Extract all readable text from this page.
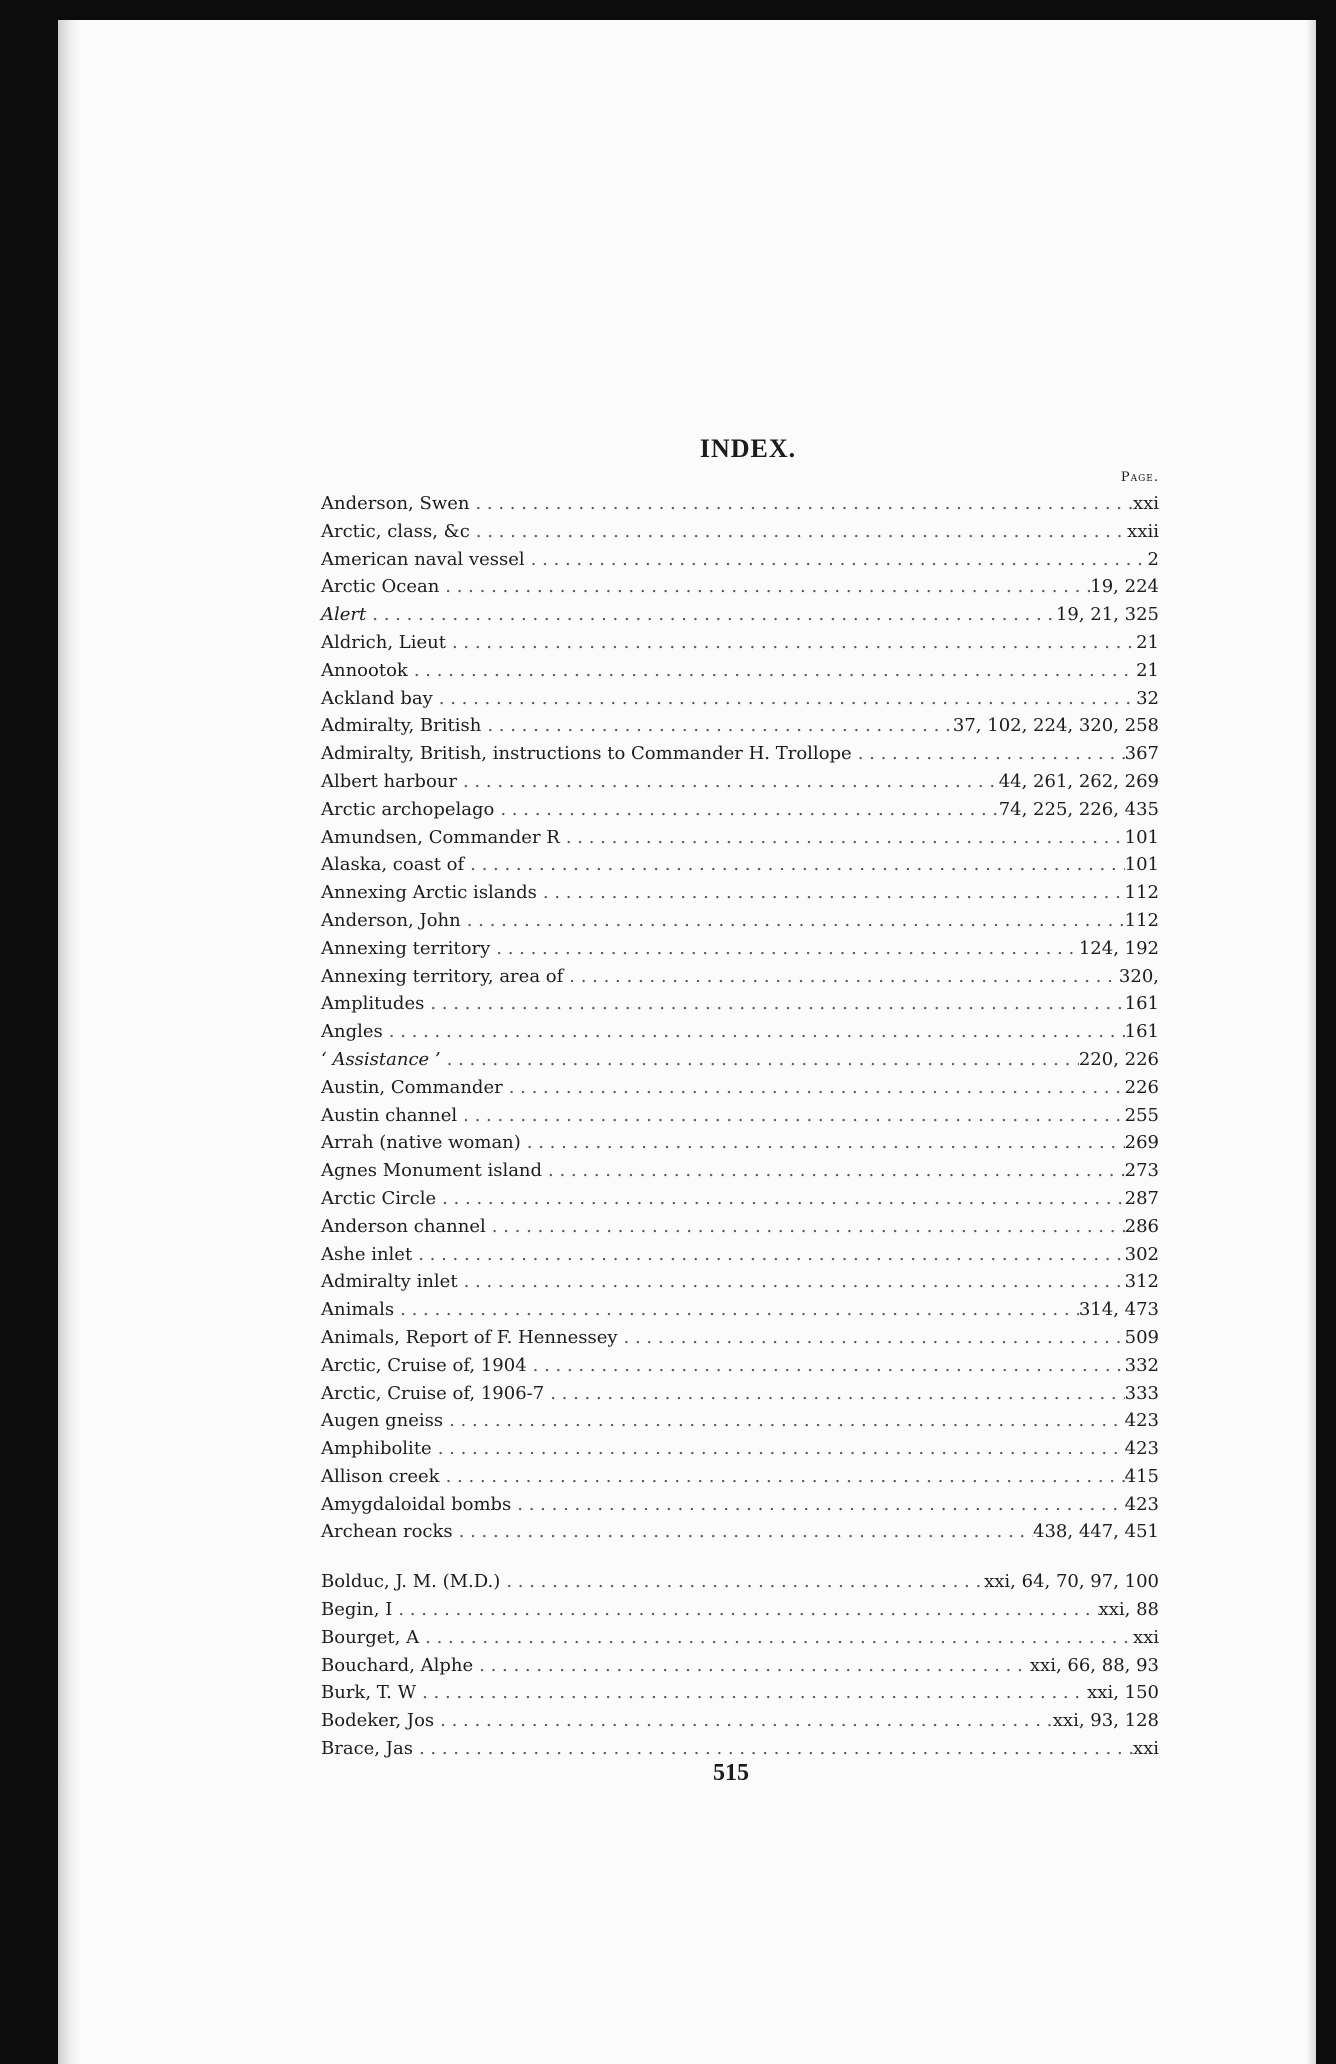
INDEX.
Page.
Anderson, Swen . . .	xxi
Arctic, class, &c . . .	xxii
American naval vessel . . .	2
Arctic Ocean . . .	19, 224
Alert . . .	19, 21, 325
Aldrich, Lieut . . .	21
Annootok . . .	21
Ackland bay . . .	32
Admiralty, British . . .	37, 102, 224, 320, 258
Admiralty, British, instructions to Commander H. Trollope . . .	367
Albert harbour . . .	44, 261, 262, 269
Arctic archopelago . . .	74, 225, 226, 435
Amundsen, Commander R . . .	101
Alaska, coast of . . .	101
Annexing Arctic islands . . .	112
Anderson, John . . .	112
Annexing territory . . .	124, 192
Annexing territory, area of . . .	320,
Amplitudes . . .	161
Angles . . .	161
‘ Assistance ’ . . .	220, 226
Austin, Commander . . .	226
Austin channel . . .	255
Arrah (native woman) . . .	269
Agnes Monument island . . .	273
Arctic Circle . . .	287
Anderson channel . . .	286
Ashe inlet . . .	302
Admiralty inlet . . .	312
Animals . . .	314, 473
Animals, Report of F. Hennessey . . .	509
Arctic, Cruise of, 1904 . . .	332
Arctic, Cruise of, 1906-7 . . .	333
Augen gneiss . . .	423
Amphibolite . . .	423
Allison creek . . .	415
Amygdaloidal bombs . . .	423
Archean rocks . . .	438, 447, 451
Bolduc, J. M. (M.D.) . . .	xxi, 64, 70, 97, 100
Begin, I . . .	xxi, 88
Bourget, A . . .	xxi
Bouchard, Alphe . . .	xxi, 66, 88, 93
Burk, T. W . . .	xxi, 150
Bodeker, Jos . . .	xxi, 93, 128
Brace, Jas . . .	xxi
515
